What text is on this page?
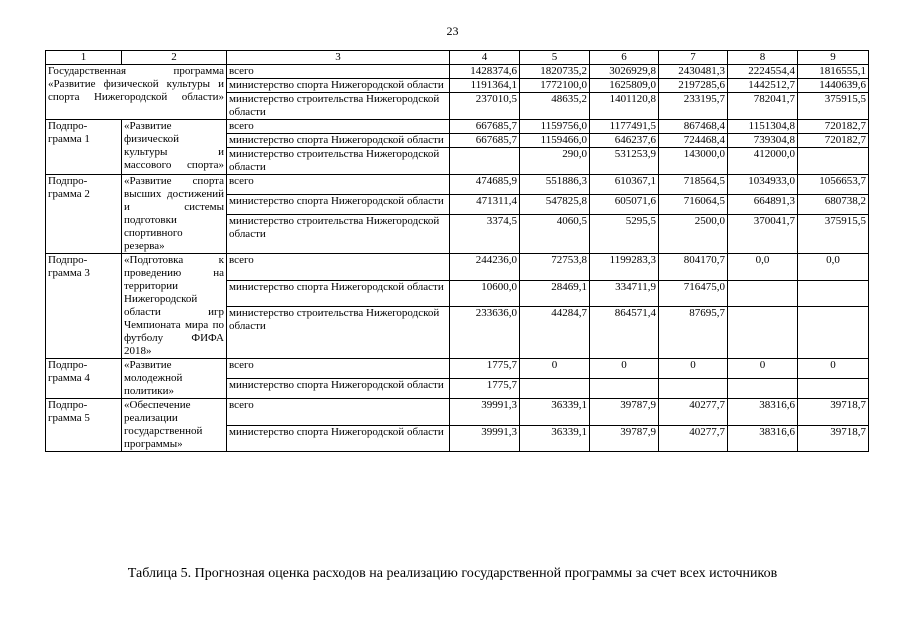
23
1	2	3	4	5	6	7	8	9
Государственная программа «Развитие физической культуры и спорта Нижегородской области»		всего	1428374,6	1820735,2	3026929,8	2430481,3	2224554,4	1816555,1
		министерство спорта Нижегородской области	1191364,1	1772100,0	1625809,0	2197285,6	1442512,7	1440639,6
		министерство строительства Нижегородской области	237010,5	48635,2	1401120,8	233195,7	782041,7	375915,5
Подпро-грамма 1	«Развитие физической культуры и массового спорта»	всего	667685,7	1159756,0	1177491,5	867468,4	1151304,8	720182,7
		министерство спорта Нижегородской области	667685,7	1159466,0	646237,6	724468,4	739304,8	720182,7
		министерство строительства Нижегородской области		290,0	531253,9	143000,0	412000,0	
Подпро-грамма 2	«Развитие спорта высших достижений и системы подготовки спортивного резерва»	всего	474685,9	551886,3	610367,1	718564,5	1034933,0	1056653,7
		министерство спорта Нижегородской области	471311,4	547825,8	605071,6	716064,5	664891,3	680738,2
		министерство строительства Нижегородской области	3374,5	4060,5	5295,5	2500,0	370041,7	375915,5
Подпро-грамма 3	«Подготовка к проведению на территории Нижегородской области игр Чемпионата мира по футболу ФИФА 2018»	всего	244236,0	72753,8	1199283,3	804170,7	0,0	0,0
		министерство спорта Нижегородской области	10600,0	28469,1	334711,9	716475,0		
		министерство строительства Нижегородской области	233636,0	44284,7	864571,4	87695,7		
Подпро-грамма 4	«Развитие молодежной политики»	всего	1775,7	0	0	0	0	0
		министерство спорта Нижегородской области	1775,7					
Подпро-грамма 5	«Обеспечение реализации государственной программы»	всего	39991,3	36339,1	39787,9	40277,7	38316,6	39718,7
		министерство спорта Нижегородской области	39991,3	36339,1	39787,9	40277,7	38316,6	39718,7
Таблица 5. Прогнозная оценка расходов на реализацию государственной программы за счет всех источников
